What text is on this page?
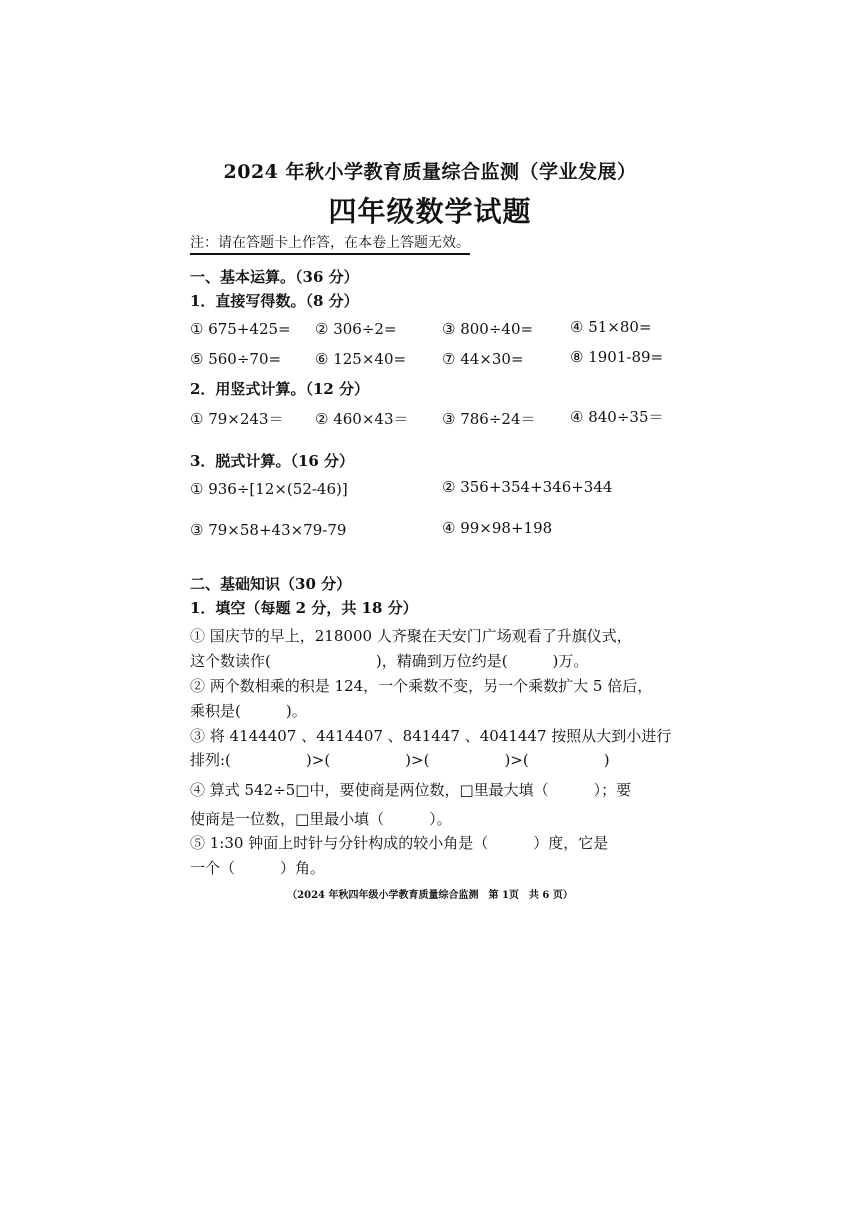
2024 年秋小学教育质量综合监测（学业发展）
四年级数学试题
注：请在答题卡上作答，在本卷上答题无效。
一、基本运算。（36 分）
1．直接写得数。（8 分）
① 675+425= ② 306÷2=	③ 800÷40= ④ 51×80=
⑤ 560÷70= ⑥ 125×40= ⑦ 44×30=	⑧ 1901-89=
2．用竖式计算。（12 分）
① 79×243＝ ② 460×43＝ ③ 786÷24＝ ④ 840÷35＝
3．脱式计算。（16 分）
① 936÷[12×(52-46)]	② 356+354+346+344
③ 79×58+43×79-79	④ 99×98+198
二、基础知识（30 分）
1．填空（每题 2 分，共 18 分）
① 国庆节的早上，218000 人齐聚在天安门广场观看了升旗仪式，
这个数读作(　　　　　　　)，精确到万位约是(　　　)万。
② 两个数相乘的积是 124，一个乘数不变，另一个乘数扩大 5 倍后，
乘积是(　　　)。
③ 将 4144407 、4414407 、841447 、4041447 按照从大到小进行
排列:(　　　　　)>(　　　　　)>(　　　　　)>(　　　　　)
④ 算式 542÷5□中，要使商是两位数，□里最大填（　　　）；要
使商是一位数，□里最小填（　　　）。
⑤ 1:30 钟面上时针与分针构成的较小角是（　　　）度，它是
一个（　　　）角。
（2024 年秋四年级小学教育质量综合监测　第 1页　共 6 页）
